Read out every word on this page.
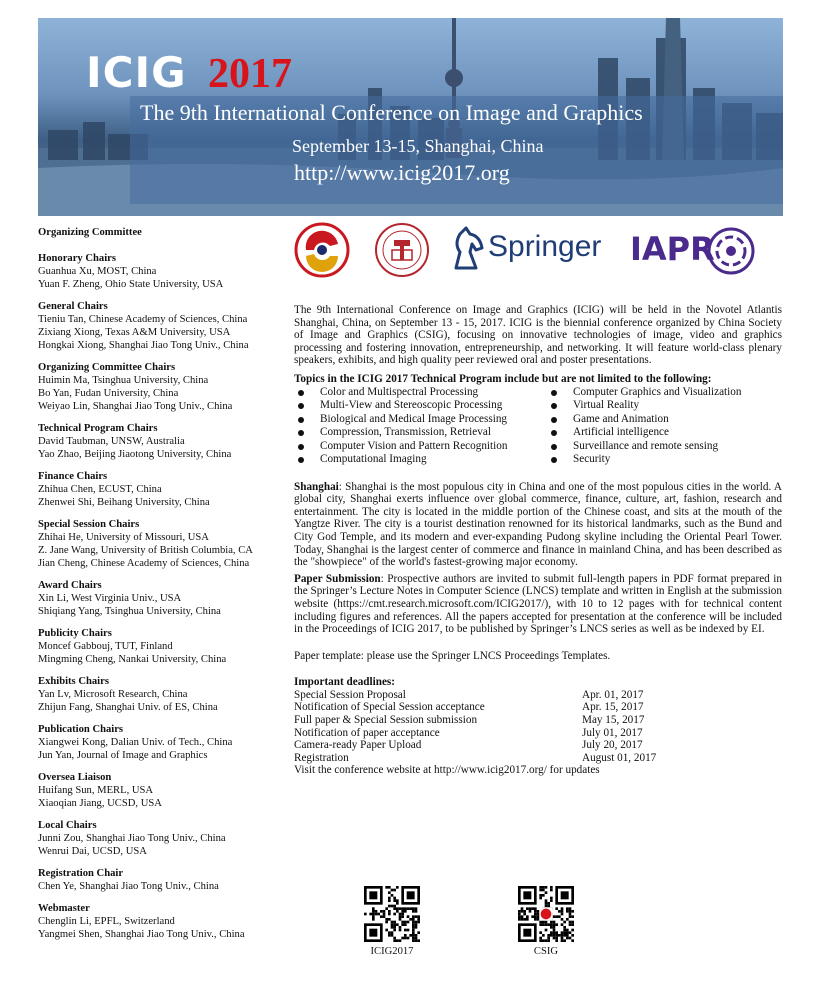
ICIG 2017
The 9th International Conference on Image and Graphics
September 13-15, Shanghai, China
http://www.icig2017.org
Organizing Committee
Honorary Chairs
Guanhua Xu, MOST, China
Yuan F. Zheng, Ohio State University, USA
General Chairs
Tieniu Tan, Chinese Academy of Sciences, China
Zixiang Xiong, Texas A&M University, USA
Hongkai Xiong, Shanghai Jiao Tong Univ., China
Organizing Committee Chairs
Huimin Ma, Tsinghua University, China
Bo Yan, Fudan University, China
Weiyao Lin, Shanghai Jiao Tong Univ., China
Technical Program Chairs
David Taubman, UNSW, Australia
Yao Zhao, Beijing Jiaotong University, China
Finance Chairs
Zhihua Chen, ECUST, China
Zhenwei Shi, Beihang University, China
Special Session Chairs
Zhihai He, University of Missouri, USA
Z. Jane Wang, University of British Columbia, CA
Jian Cheng, Chinese Academy of Sciences, China
Award Chairs
Xin Li, West Virginia Univ., USA
Shiqiang Yang, Tsinghua University, China
Publicity Chairs
Moncef Gabbouj, TUT, Finland
Mingming Cheng, Nankai University, China
Exhibits Chairs
Yan Lv, Microsoft Research, China
Zhijun Fang, Shanghai Univ. of ES, China
Publication Chairs
Xiangwei Kong, Dalian Univ. of Tech., China
Jun Yan, Journal of Image and Graphics
Oversea Liaison
Huifang Sun, MERL, USA
Xiaoqian Jiang, UCSD, USA
Local Chairs
Junni Zou, Shanghai Jiao Tong Univ., China
Wenrui Dai, UCSD, USA
Registration Chair
Chen Ye, Shanghai Jiao Tong Univ., China
Webmaster
Chenglin Li, EPFL, Switzerland
Yangmei Shen, Shanghai Jiao Tong Univ., China
Springer IAPR
The 9th International Conference on Image and Graphics (ICIG) will be held in the Novotel Atlantis Shanghai, China, on September 13 - 15, 2017. ICIG is the biennial conference organized by China Society of Image and Graphics (CSIG), focusing on innovative technologies of image, video and graphics processing and fostering innovation, entrepreneurship, and networking. It will feature world-class plenary speakers, exhibits, and high quality peer reviewed oral and poster presentations.
Topics in the ICIG 2017 Technical Program include but are not limited to the following:
Color and Multispectral Processing	Computer Graphics and Visualization
Multi-View and Stereoscopic Processing	Virtual Reality
Biological and Medical Image Processing	Game and Animation
Compression, Transmission, Retrieval	Artificial intelligence
Computer Vision and Pattern Recognition	Surveillance and remote sensing
Computational Imaging	Security
Shanghai: Shanghai is the most populous city in China and one of the most populous cities in the world. A global city, Shanghai exerts influence over global commerce, finance, culture, art, fashion, research and entertainment. The city is located in the middle portion of the Chinese coast, and sits at the mouth of the Yangtze River. The city is a tourist destination renowned for its historical landmarks, such as the Bund and City God Temple, and its modern and ever-expanding Pudong skyline including the Oriental Pearl Tower. Today, Shanghai is the largest center of commerce and finance in mainland China, and has been described as the "showpiece" of the world's fastest-growing major economy.
Paper Submission: Prospective authors are invited to submit full-length papers in PDF format prepared in the Springer’s Lecture Notes in Computer Science (LNCS) template and written in English at the submission website (https://cmt.research.microsoft.com/ICIG2017/), with 10 to 12 pages with for technical content including figures and references. All the papers accepted for presentation at the conference will be included in the Proceedings of ICIG 2017, to be published by Springer’s LNCS series as well as be indexed by EI.
Paper template: please use the Springer LNCS Proceedings Templates.
Important deadlines:
Special Session Proposal	Apr. 01, 2017
Notification of Special Session acceptance	Apr. 15, 2017
Full paper & Special Session submission	May 15, 2017
Notification of paper acceptance	July 01, 2017
Camera-ready Paper Upload	July 20, 2017
Registration	August 01, 2017
Visit the conference website at http://www.icig2017.org/ for updates
ICIG2017	CSIG
